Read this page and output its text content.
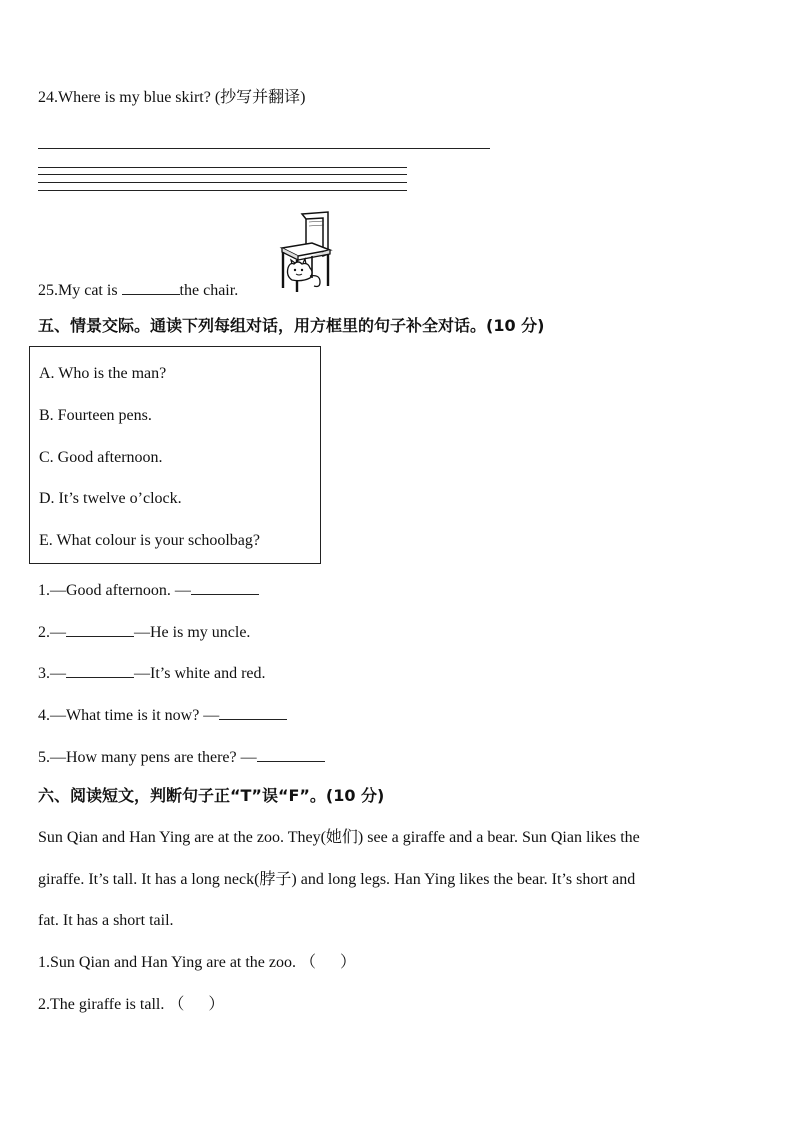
24.Where is my blue skirt? (抄写并翻译)
25.My cat is	the chair.
五、情景交际。通读下列每组对话，用方框里的句子补全对话。(10 分)
A. Who is the man?
B. Fourteen pens.
C. Good afternoon.
D. It’s twelve o’clock.
E. What colour is your schoolbag?
1.—Good afternoon. —
2.—	—He is my uncle.
3.—	—It’s white and red.
4.—What time is it now? —
5.—How many pens are there? —
六、阅读短文，判断句子正“T”误“F”。(10 分)
Sun Qian and Han Ying are at the zoo. They(她们) see a giraffe and a bear. Sun Qian likes the
giraffe. It’s tall. It has a long neck(脖子) and long legs. Han Ying likes the bear. It’s short and
fat. It has a short tail.
1.Sun Qian and Han Ying are at the zoo. （ ）
2.The giraffe is tall. （ ）
